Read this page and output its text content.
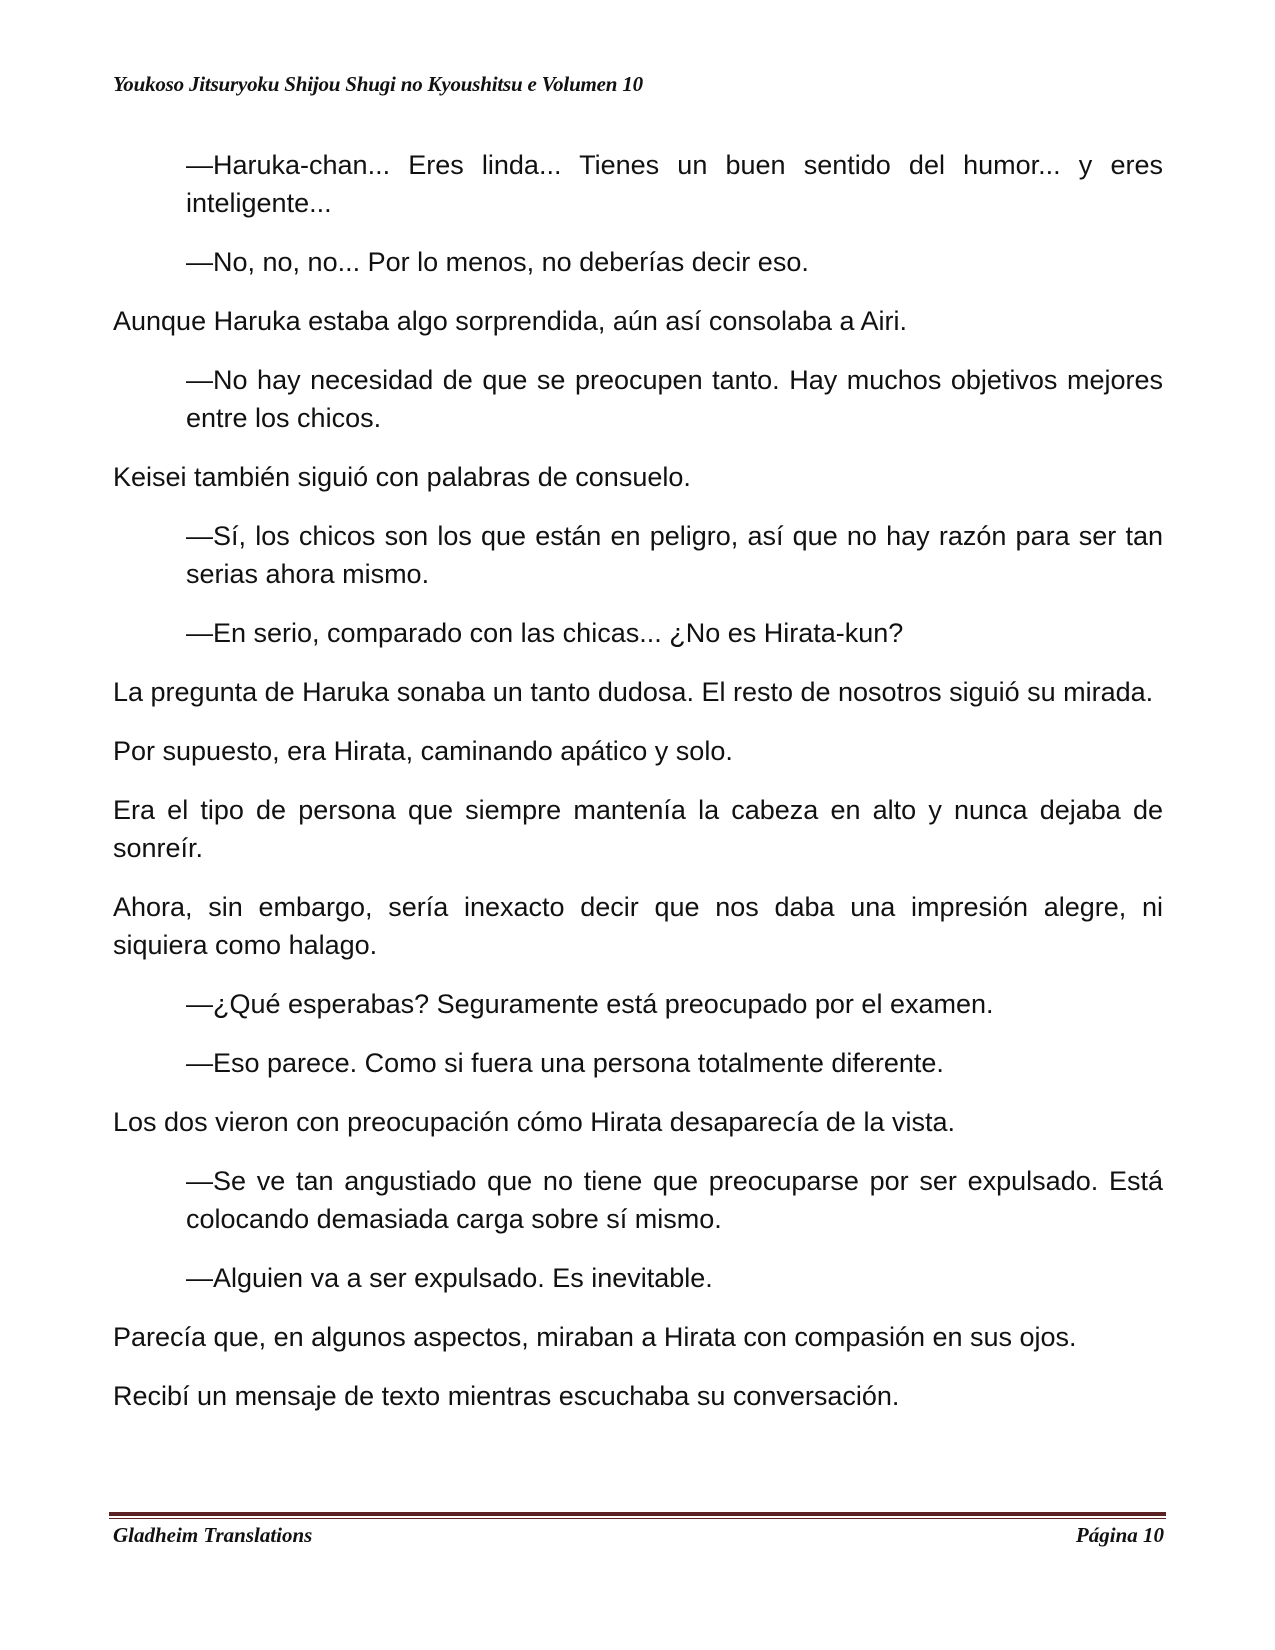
Youkoso Jitsuryoku Shijou Shugi no Kyoushitsu e Volumen 10

—Haruka-chan... Eres linda... Tienes un buen sentido del humor... y eres inteligente...

—No, no, no... Por lo menos, no deberías decir eso.

Aunque Haruka estaba algo sorprendida, aún así consolaba a Airi.

—No hay necesidad de que se preocupen tanto. Hay muchos objetivos mejores entre los chicos.

Keisei también siguió con palabras de consuelo.

—Sí, los chicos son los que están en peligro, así que no hay razón para ser tan serias ahora mismo.

—En serio, comparado con las chicas... ¿No es Hirata-kun?

La pregunta de Haruka sonaba un tanto dudosa. El resto de nosotros siguió su mirada.

Por supuesto, era Hirata, caminando apático y solo.

Era el tipo de persona que siempre mantenía la cabeza en alto y nunca dejaba de sonreír.

Ahora, sin embargo, sería inexacto decir que nos daba una impresión alegre, ni siquiera como halago.

—¿Qué esperabas? Seguramente está preocupado por el examen.

—Eso parece. Como si fuera una persona totalmente diferente.

Los dos vieron con preocupación cómo Hirata desaparecía de la vista.

—Se ve tan angustiado que no tiene que preocuparse por ser expulsado. Está colocando demasiada carga sobre sí mismo.

—Alguien va a ser expulsado. Es inevitable.

Parecía que, en algunos aspectos, miraban a Hirata con compasión en sus ojos.

Recibí un mensaje de texto mientras escuchaba su conversación.

Gladheim Translations	Página 10
